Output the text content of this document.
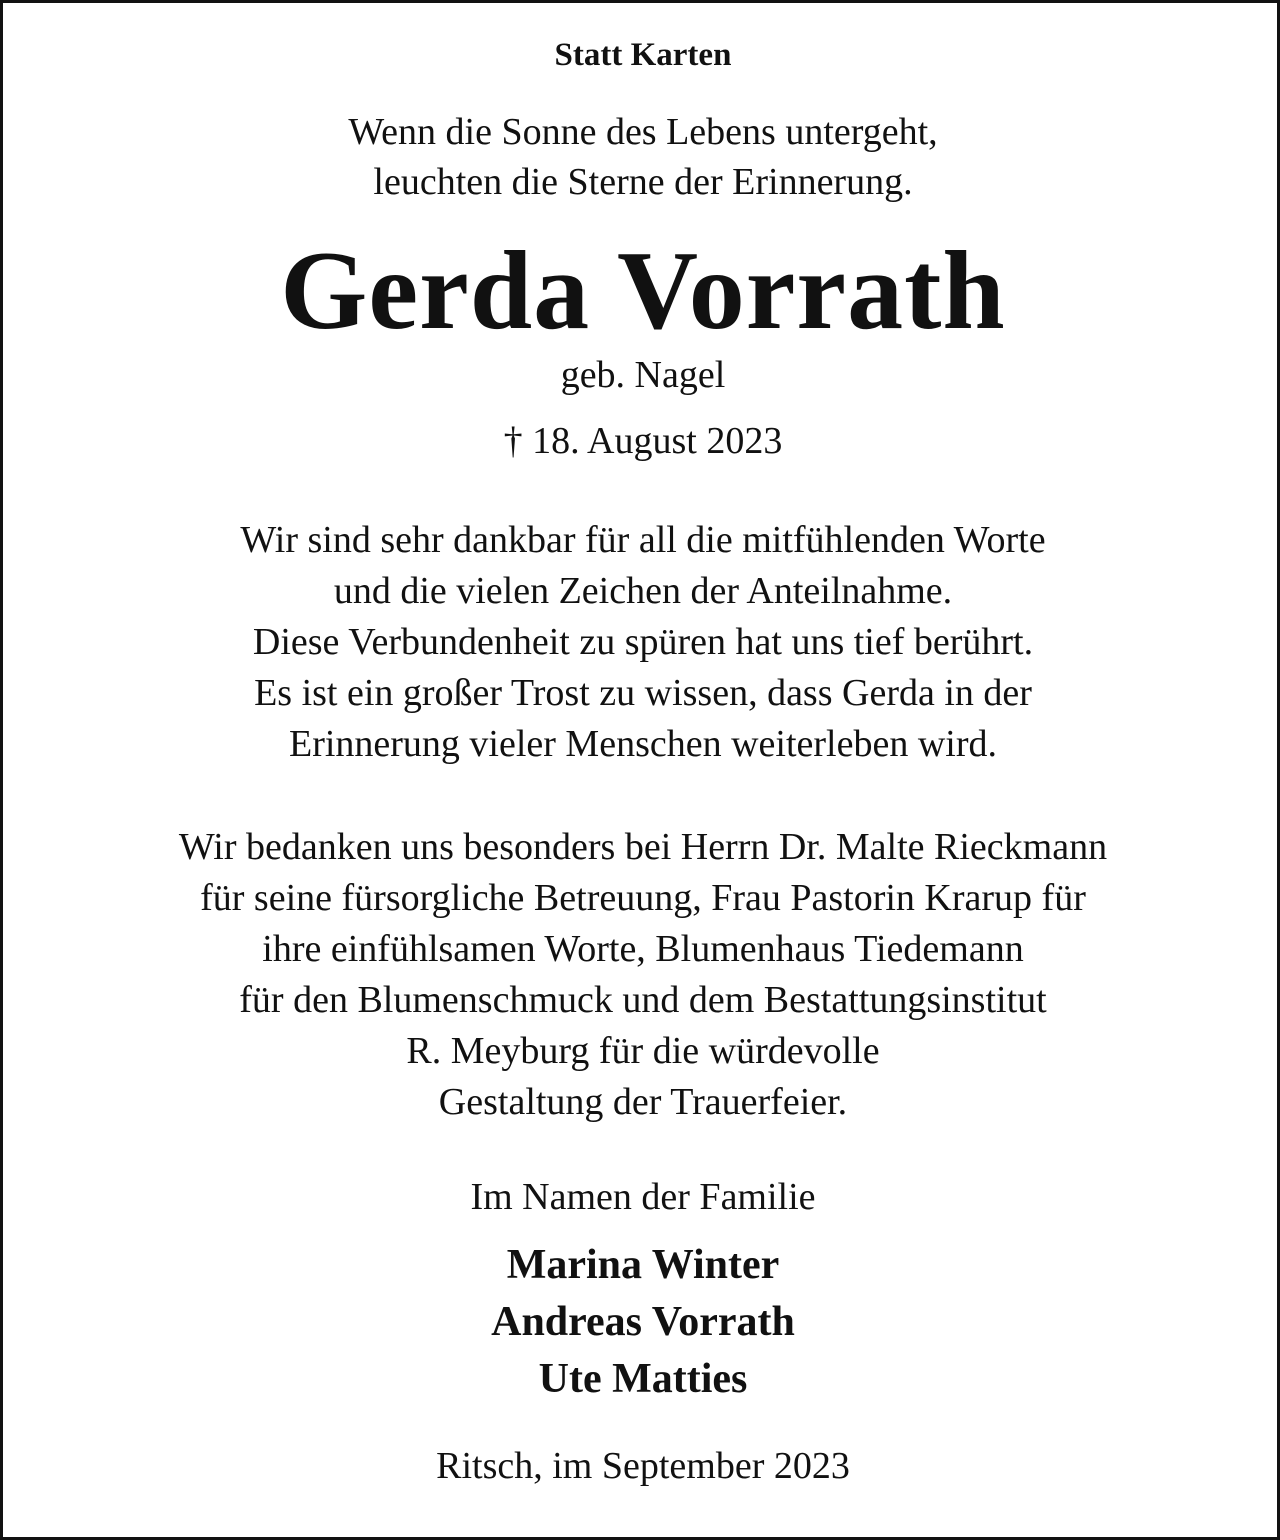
Statt Karten

Wenn die Sonne des Lebens untergeht,
leuchten die Sterne der Erinnerung.
Gerda Vorrath

geb. Nagel

† 18. August 2023

Wir sind sehr dankbar für all die mitfühlenden Worte
und die vielen Zeichen der Anteilnahme.
Diese Verbundenheit zu spüren hat uns tief berührt.
Es ist ein großer Trost zu wissen, dass Gerda in der
Erinnerung vieler Menschen weiterleben wird.
Wir bedanken uns besonders bei Herrn Dr. Malte Rieckmann
für seine fürsorgliche Betreuung, Frau Pastorin Krarup für
ihre einfühlsamen Worte, Blumenhaus Tiedemann
für den Blumenschmuck und dem Bestattungsinstitut
R. Meyburg für die würdevolle
Gestaltung der Trauerfeier.

Im Namen der Familie

Marina Winter
Andreas Vorrath
Ute Matties

Ritsch, im September 2023
